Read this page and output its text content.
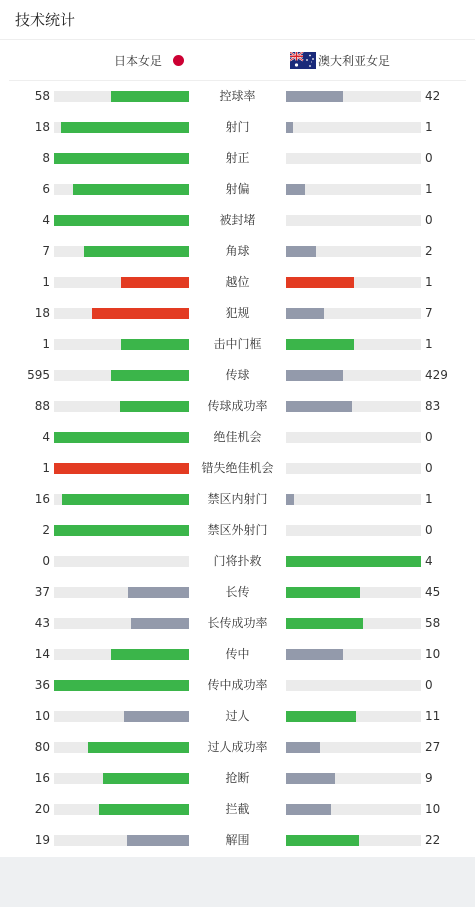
技术统计
日本女足	澳大利亚女足
58	控球率	42
18	射门	1
8	射正	0
6	射偏	1
4	被封堵	0
7	角球	2
1	越位	1
18	犯规	7
1	击中门框	1
595	传球	429
88	传球成功率	83
4	绝佳机会	0
1	错失绝佳机会	0
16	禁区内射门	1
2	禁区外射门	0
0	门将扑救	4
37	长传	45
43	长传成功率	58
14	传中	10
36	传中成功率	0
10	过人	11
80	过人成功率	27
16	抢断	9
20	拦截	10
19	解围	22
